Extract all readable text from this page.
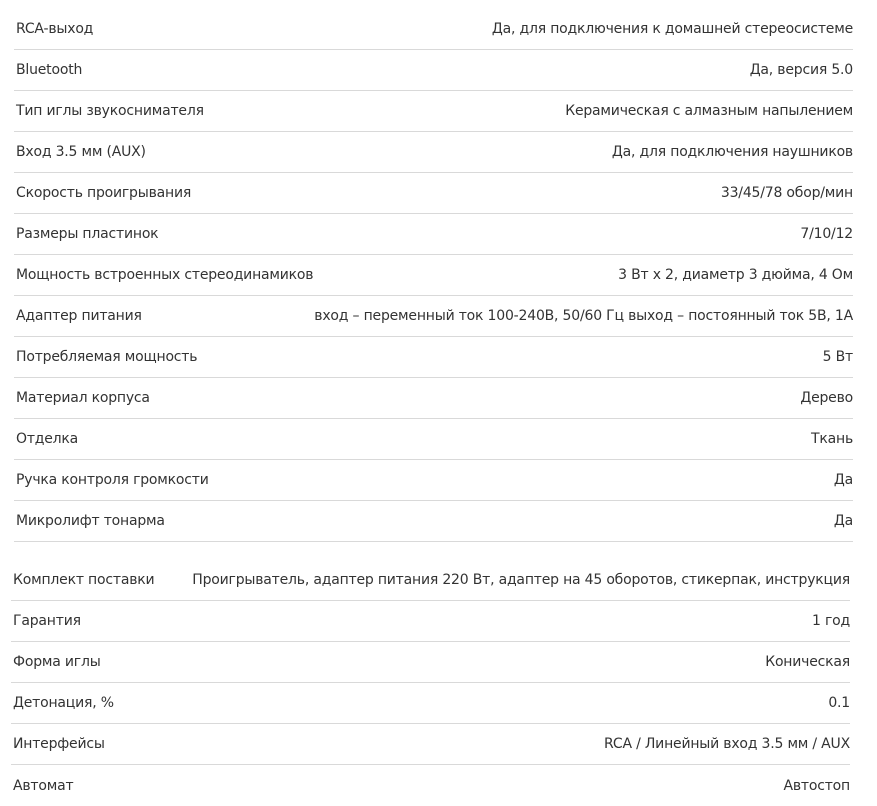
RCA-выход	Да, для подключения к домашней стереосистеме
Bluetooth	Да, версия 5.0
Тип иглы звукоснимателя	Керамическая с алмазным напылением
Вход 3.5 мм (AUX)	Да, для подключения наушников
Скорость проигрывания	33/45/78 обор/мин
Размеры пластинок	7/10/12
Мощность встроенных стереодинамиков	3 Вт х 2, диаметр 3 дюйма, 4 Ом
Адаптер питания	вход – переменный ток 100-240В, 50/60 Гц выход – постоянный ток 5В, 1А
Потребляемая мощность	5 Вт
Материал корпуса	Дерево
Отделка	Ткань
Ручка контроля громкости	Да
Микролифт тонарма	Да
Комплект поставки	Проигрыватель, адаптер питания 220 Вт, адаптер на 45 оборотов, стикерпак, инструкция
Гарантия	1 год
Форма иглы	Коническая
Детонация, %	0.1
Интерфейсы	RCA / Линейный вход 3.5 мм / AUX
Автомат	Автостоп
